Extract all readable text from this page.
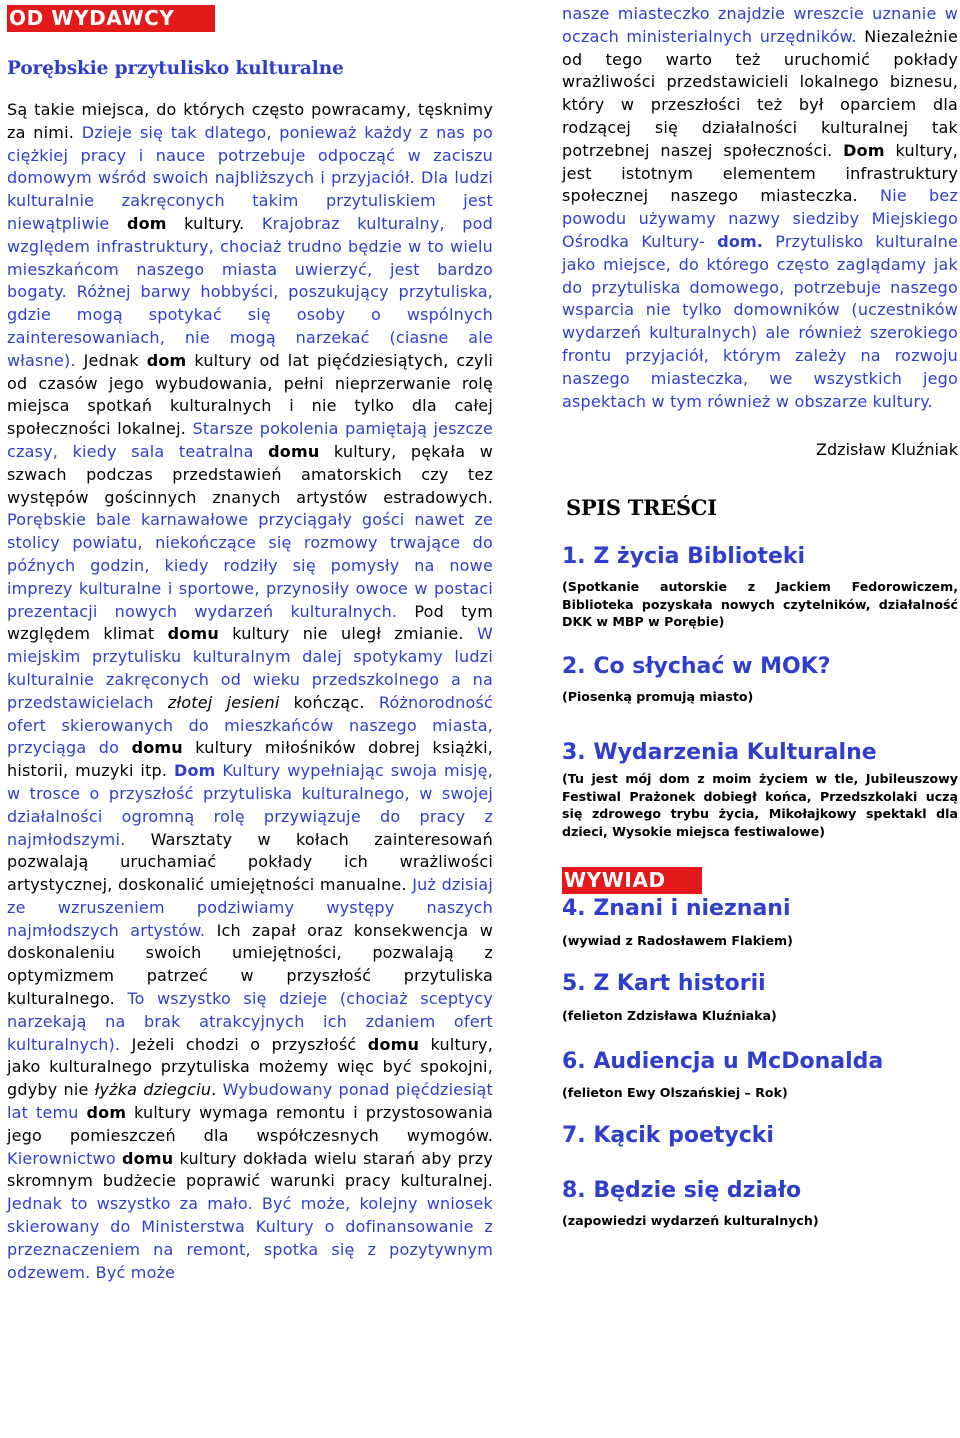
OD WYDAWCY
Porębskie przytulisko kulturalne

Są takie miejsca, do których często powracamy, tęsknimy za nimi. Dzieje się tak dlatego, ponieważ każdy z nas po ciężkiej pracy i nauce potrzebuje odpocząć w zaciszu domowym wśród swoich najbliższych i przyjaciół. Dla ludzi kulturalnie zakręconych takim przytuliskiem jest niewątpliwie dom kultury. Krajobraz kulturalny, pod względem infrastruktury, chociaż trudno będzie w to wielu mieszkańcom naszego miasta uwierzyć, jest bardzo bogaty. Różnej barwy hobbyści, poszukujący przytuliska, gdzie mogą spotykać się osoby o wspólnych zainteresowaniach, nie mogą narzekać (ciasne ale własne). Jednak dom kultury od lat pięćdziesiątych, czyli od czasów jego wybudowania, pełni nieprzerwanie rolę miejsca spotkań kulturalnych i nie tylko dla całej społeczności lokalnej. Starsze pokolenia pamiętają jeszcze czasy, kiedy sala teatralna domu kultury, pękała w szwach podczas przedstawień amatorskich czy tez występów gościnnych znanych artystów estradowych. Porębskie bale karnawałowe przyciągały gości nawet ze stolicy powiatu, niekończące się rozmowy trwające do późnych godzin, kiedy rodziły się pomysły na nowe imprezy kulturalne i sportowe, przynosiły owoce w postaci prezentacji nowych wydarzeń kulturalnych. Pod tym względem klimat domu kultury nie uległ zmianie. W miejskim przytulisku kulturalnym dalej spotykamy ludzi kulturalnie zakręconych od wieku przedszkolnego a na przedstawicielach złotej jesieni kończąc. Różnorodność ofert skierowanych do mieszkańców naszego miasta, przyciąga do domu kultury miłośników dobrej książki, historii, muzyki itp. Dom Kultury wypełniając swoja misję, w trosce o przyszłość przytuliska kulturalnego, w swojej działalności ogromną rolę przywiązuje do pracy z najmłodszymi. Warsztaty w kołach zainteresowań pozwalają uruchamiać pokłady ich wrażliwości artystycznej, doskonalić umiejętności manualne. Już dzisiaj ze wzruszeniem podziwiamy występy naszych najmłodszych artystów. Ich zapał oraz konsekwencja w doskonaleniu swoich umiejętności, pozwalają z optymizmem patrzeć w przyszłość przytuliska kulturalnego. To wszystko się dzieje (chociaż sceptycy narzekają na brak atrakcyjnych ich zdaniem ofert kulturalnych). Jeżeli chodzi o przyszłość domu kultury, jako kulturalnego przytuliska możemy więc być spokojni, gdyby nie łyżka dziegciu. Wybudowany ponad pięćdziesiąt lat temu dom kultury wymaga remontu i przystosowania jego pomieszczeń dla współczesnych wymogów. Kierownictwo domu kultury dokłada wielu starań aby przy skromnym budżecie poprawić warunki pracy kulturalnej. Jednak to wszystko za mało. Być może, kolejny wniosek skierowany do Ministerstwa Kultury o dofinansowanie z przeznaczeniem na remont, spotka się z pozytywnym odzewem. Być może

nasze miasteczko znajdzie wreszcie uznanie w oczach ministerialnych urzędników. Niezależnie od tego warto też uruchomić pokłady wrażliwości przedstawicieli lokalnego biznesu, który w przeszłości też był oparciem dla rodzącej się działalności kulturalnej tak potrzebnej naszej społeczności. Dom kultury, jest istotnym elementem infrastruktury społecznej naszego miasteczka. Nie bez powodu używamy nazwy siedziby Miejskiego Ośrodka Kultury- dom. Przytulisko kulturalne jako miejsce, do którego często zaglądamy jak do przytuliska domowego, potrzebuje naszego wsparcia nie tylko domowników (uczestników wydarzeń kulturalnych) ale również szerokiego frontu przyjaciół, którym zależy na rozwoju naszego miasteczka, we wszystkich jego aspektach w tym również w obszarze kultury.

Zdzisław Kluźniak
SPIS TREŚCI
1. Z życia Biblioteki
(Spotkanie autorskie z Jackiem Fedorowiczem, Biblioteka pozyskała nowych czytelników, działalność DKK w MBP w Porębie)
2. Co słychać w MOK?
(Piosenką promują miasto)
3. Wydarzenia Kulturalne
(Tu jest mój dom z moim życiem w tle, Jubileuszowy Festiwal Prażonek dobiegł końca, Przedszkolaki uczą się zdrowego trybu życia, Mikołajkowy spektakl dla dzieci, Wysokie miejsca festiwalowe)
WYWIAD
4. Znani i nieznani
(wywiad z Radosławem Flakiem)
5. Z Kart historii
(felieton Zdzisława Kluźniaka)
6. Audiencja u McDonalda
(felieton Ewy Olszańskiej – Rok)
7. Kącik poetycki
8. Będzie się działo
(zapowiedzi wydarzeń kulturalnych)
